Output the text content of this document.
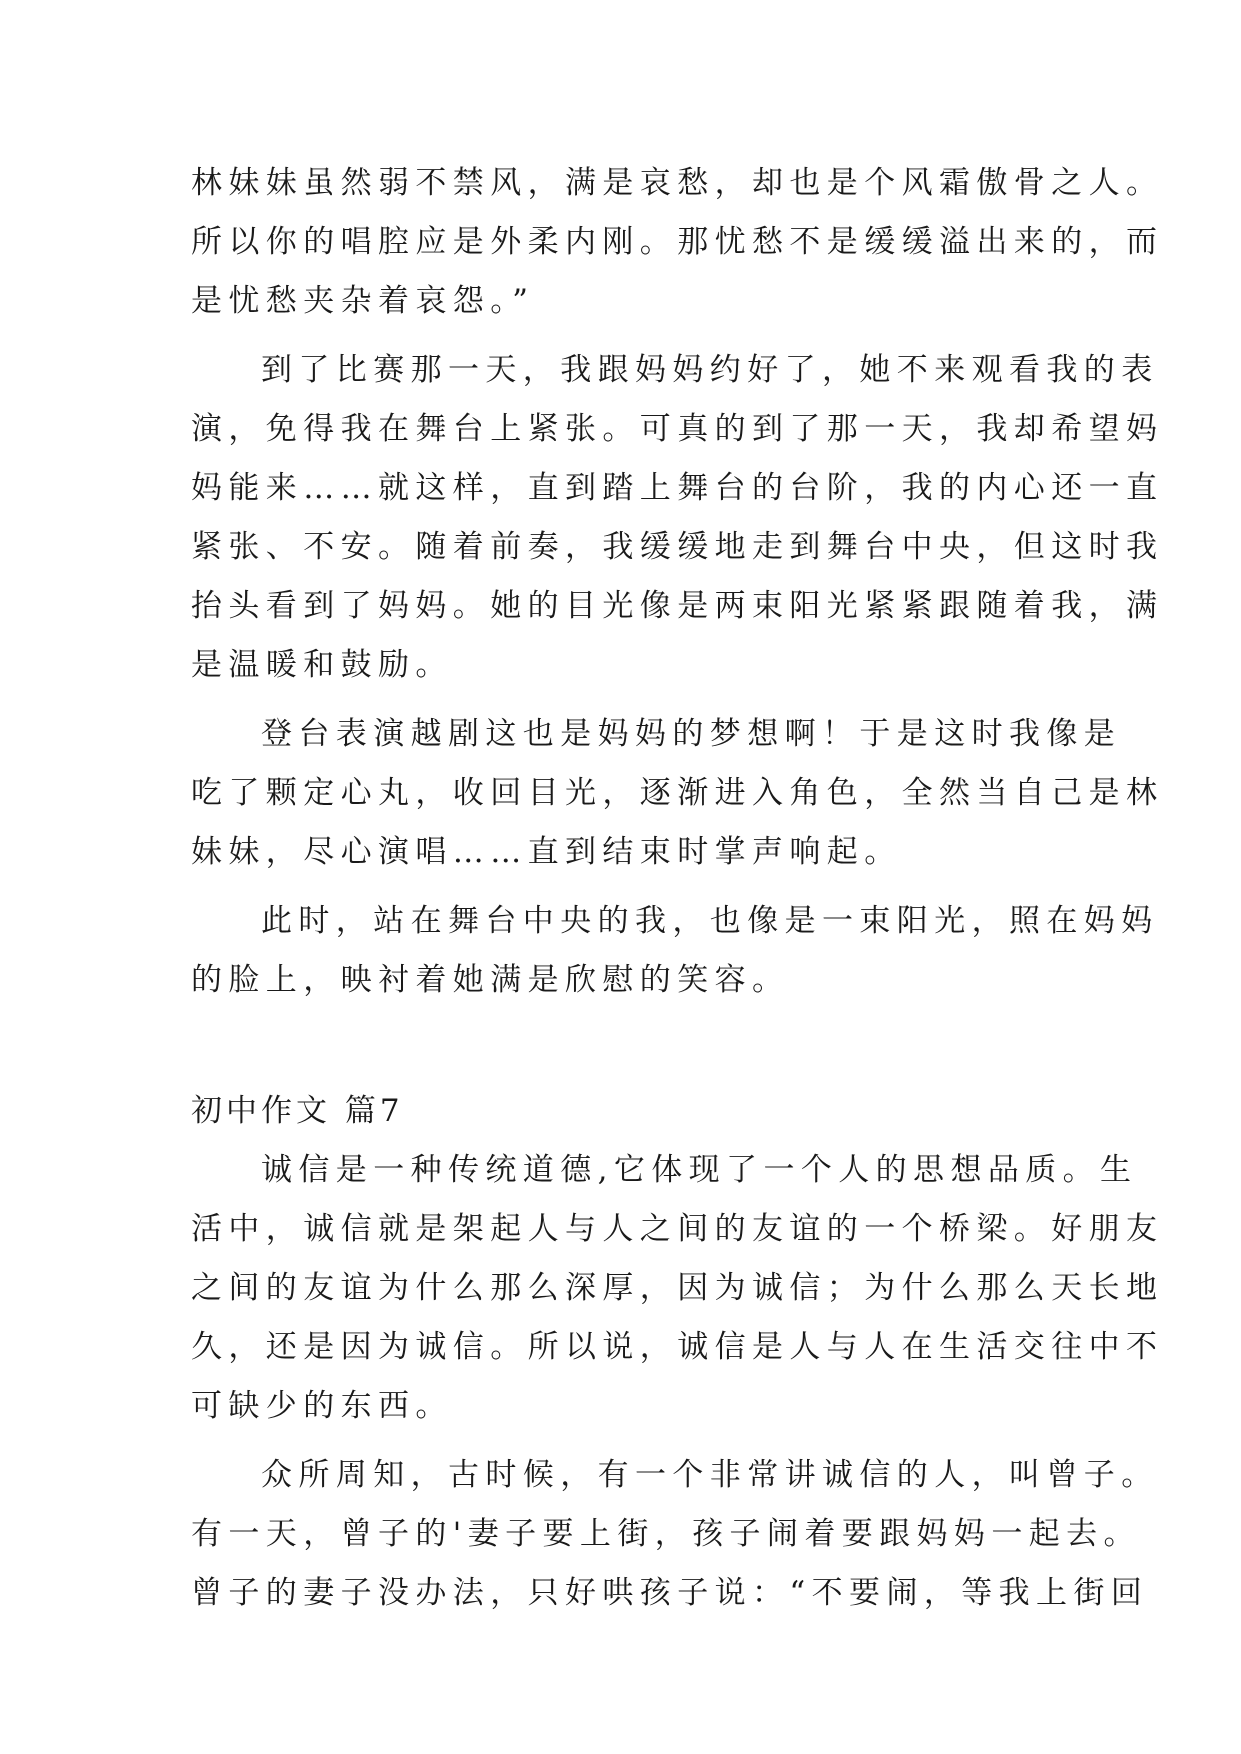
林妹妹虽然弱不禁风，满是哀愁，却也是个风霜傲骨之人。
所以你的唱腔应是外柔内刚。那忧愁不是缓缓溢出来的，而
是忧愁夹杂着哀怨。”
到了比赛那一天，我跟妈妈约好了，她不来观看我的表
演，免得我在舞台上紧张。可真的到了那一天，我却希望妈
妈能来……就这样，直到踏上舞台的台阶，我的内心还一直
紧张、不安。随着前奏，我缓缓地走到舞台中央，但这时我
抬头看到了妈妈。她的目光像是两束阳光紧紧跟随着我，满
是温暖和鼓励。
登台表演越剧这也是妈妈的梦想啊！于是这时我像是
吃了颗定心丸，收回目光，逐渐进入角色，全然当自己是林
妹妹，尽心演唱……直到结束时掌声响起。
此时，站在舞台中央的我，也像是一束阳光，照在妈妈
的脸上，映衬着她满是欣慰的笑容。
初中作文 篇7
诚信是一种传统道德,它体现了一个人的思想品质。生
活中，诚信就是架起人与人之间的友谊的一个桥梁。好朋友
之间的友谊为什么那么深厚，因为诚信；为什么那么天长地
久，还是因为诚信。所以说，诚信是人与人在生活交往中不
可缺少的东西。
众所周知，古时候，有一个非常讲诚信的人，叫曾子。
有一天，曾子的'妻子要上街，孩子闹着要跟妈妈一起去。
曾子的妻子没办法，只好哄孩子说：“不要闹，等我上街回
